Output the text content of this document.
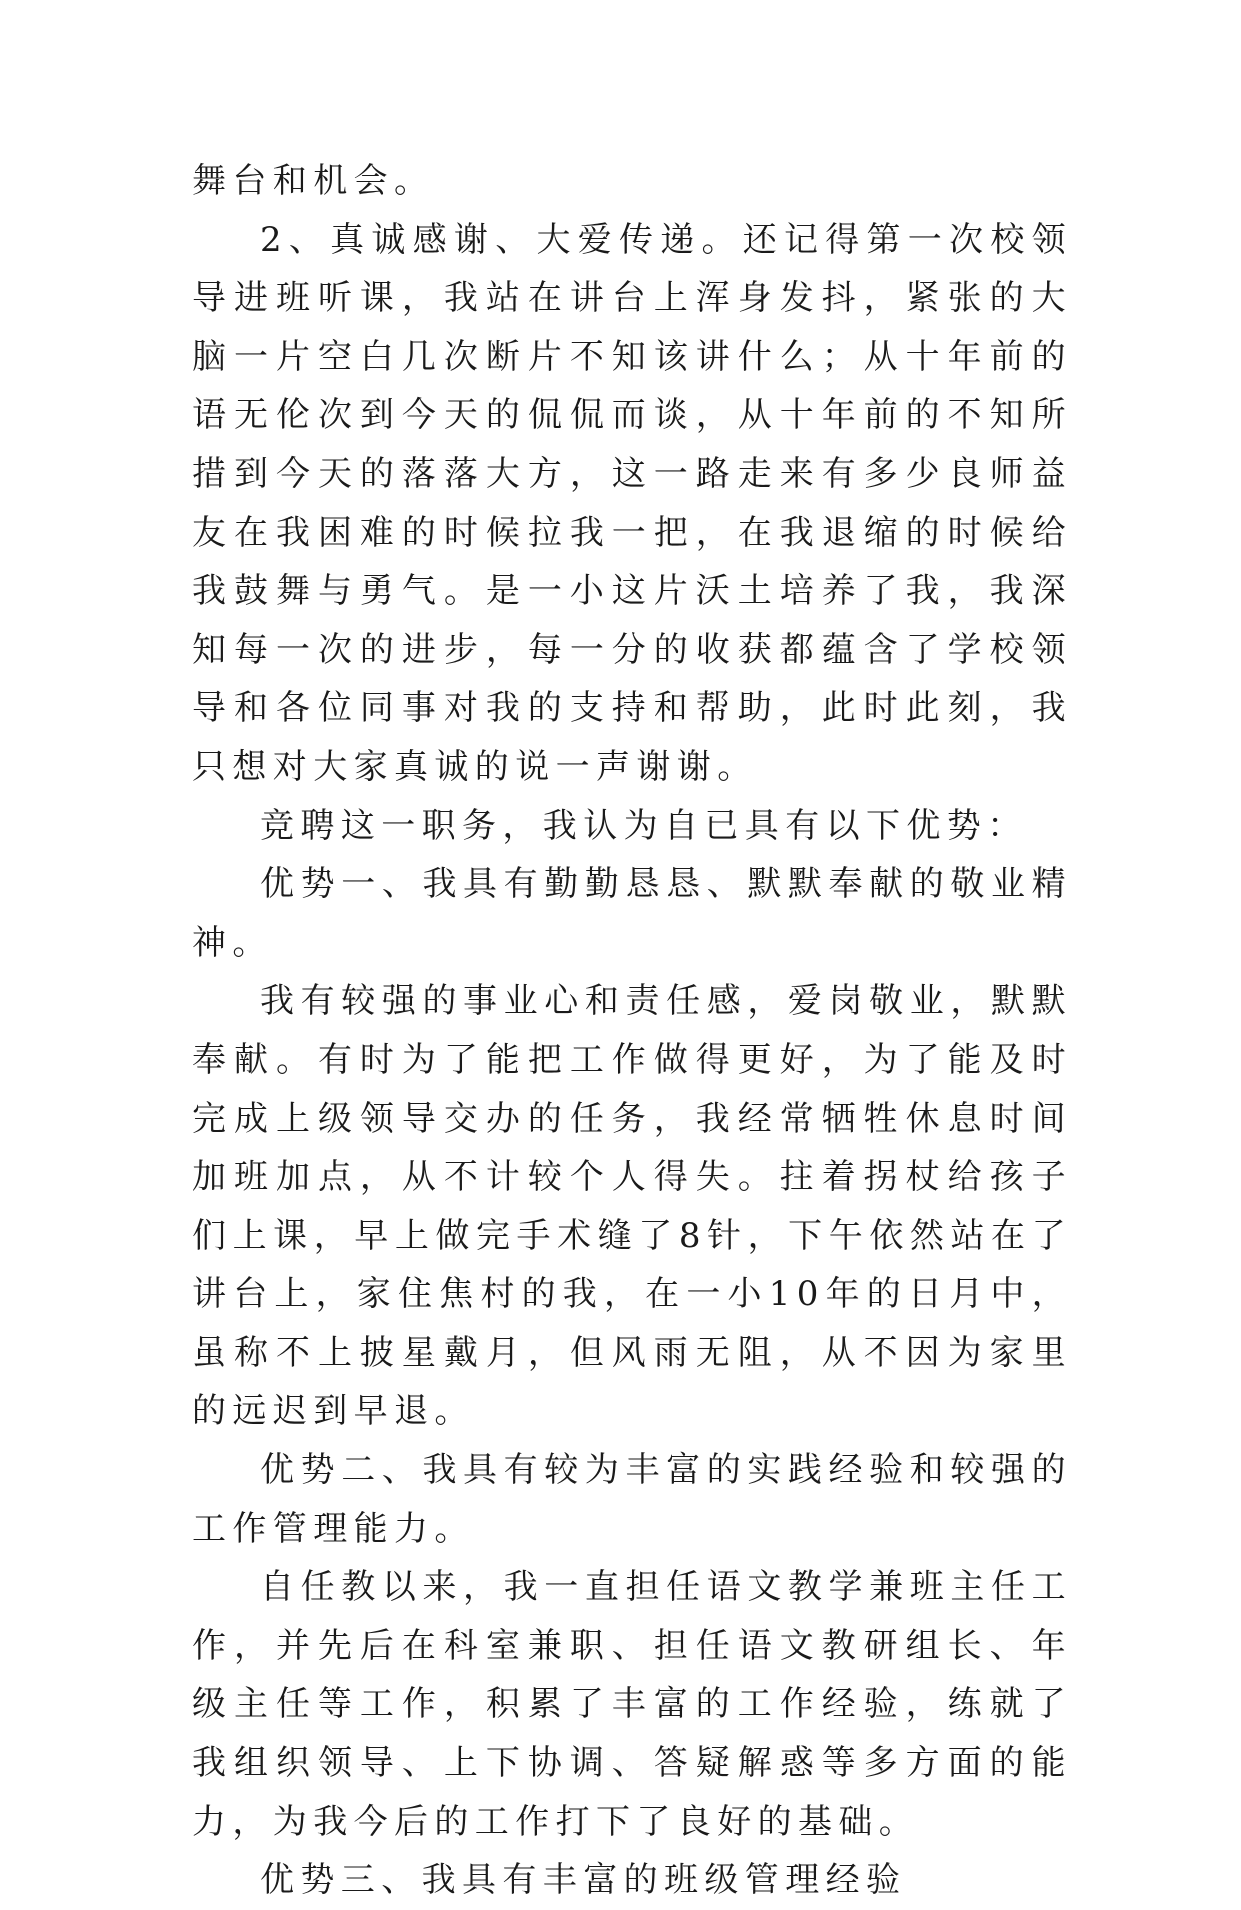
舞台和机会。

2、真诚感谢、大爱传递。还记得第一次校领导进班听课，我站在讲台上浑身发抖，紧张的大脑一片空白几次断片不知该讲什么；从十年前的语无伦次到今天的侃侃而谈，从十年前的不知所措到今天的落落大方，这一路走来有多少良师益友在我困难的时候拉我一把，在我退缩的时候给我鼓舞与勇气。是一小这片沃土培养了我，我深知每一次的进步，每一分的收获都蕴含了学校领导和各位同事对我的支持和帮助，此时此刻，我只想对大家真诚的说一声谢谢。

竞聘这一职务，我认为自已具有以下优势：

优势一、我具有勤勤恳恳、默默奉献的敬业精神。

我有较强的事业心和责任感，爱岗敬业，默默奉献。有时为了能把工作做得更好，为了能及时完成上级领导交办的任务，我经常牺牲休息时间加班加点，从不计较个人得失。拄着拐杖给孩子们上课，早上做完手术缝了8针，下午依然站在了讲台上，家住焦村的我，在一小10年的日月中，虽称不上披星戴月，但风雨无阻，从不因为家里的远迟到早退。

优势二、我具有较为丰富的实践经验和较强的工作管理能力。

自任教以来，我一直担任语文教学兼班主任工作，并先后在科室兼职、担任语文教研组长、年级主任等工作，积累了丰富的工作经验，练就了我组织领导、上下协调、答疑解惑等多方面的能力，为我今后的工作打下了良好的基础。

优势三、我具有丰富的班级管理经验
